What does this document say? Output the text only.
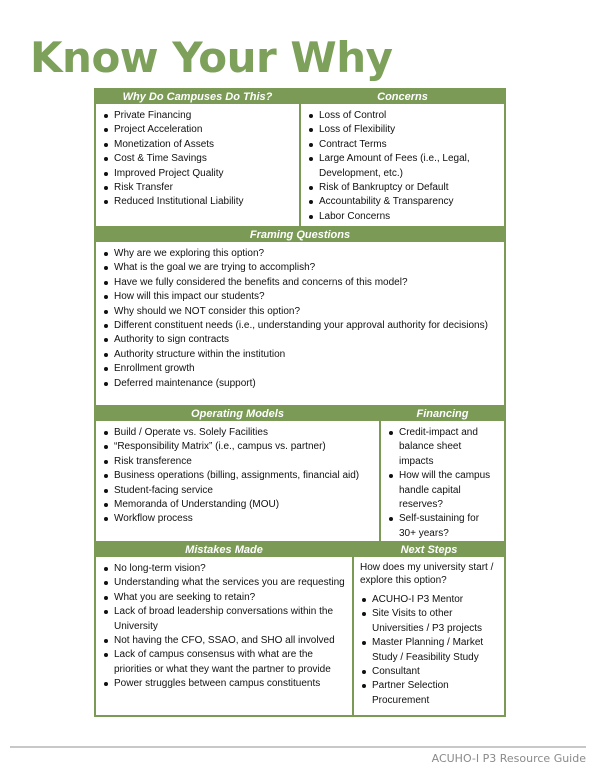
Know Your Why
Why Do Campuses Do This?
Private Financing
Project Acceleration
Monetization of Assets
Cost & Time Savings
Improved Project Quality
Risk Transfer
Reduced Institutional Liability
Concerns
Loss of Control
Loss of Flexibility
Contract Terms
Large Amount of Fees (i.e., Legal, Development, etc.)
Risk of Bankruptcy or Default
Accountability & Transparency
Labor Concerns
Framing Questions
Why are we exploring this option?
What is the goal we are trying to accomplish?
Have we fully considered the benefits and concerns of this model?
How will this impact our students?
Why should we NOT consider this option?
Different constituent needs (i.e., understanding your approval authority for decisions)
Authority to sign contracts
Authority structure within the institution
Enrollment growth
Deferred maintenance (support)
Operating Models
Build / Operate vs. Solely Facilities
“Responsibility Matrix” (i.e., campus vs. partner)
Risk transference
Business operations (billing, assignments, financial aid)
Student-facing service
Memoranda of Understanding (MOU)
Workflow process
Financing
Credit-impact and balance sheet impacts
How will the campus handle capital reserves?
Self-sustaining for 30+ years?
Mistakes Made
No long-term vision?
Understanding what the services you are requesting
What you are seeking to retain?
Lack of broad leadership conversations within the University
Not having the CFO, SSAO, and SHO all involved
Lack of campus consensus with what are the priorities or what they want the partner to provide
Power struggles between campus constituents
Next Steps
How does my university start / explore this option?
ACUHO-I P3 Mentor
Site Visits to other Universities / P3 projects
Master Planning / Market Study / Feasibility Study
Consultant
Partner Selection Procurement
ACUHO-I P3 Resource Guide
